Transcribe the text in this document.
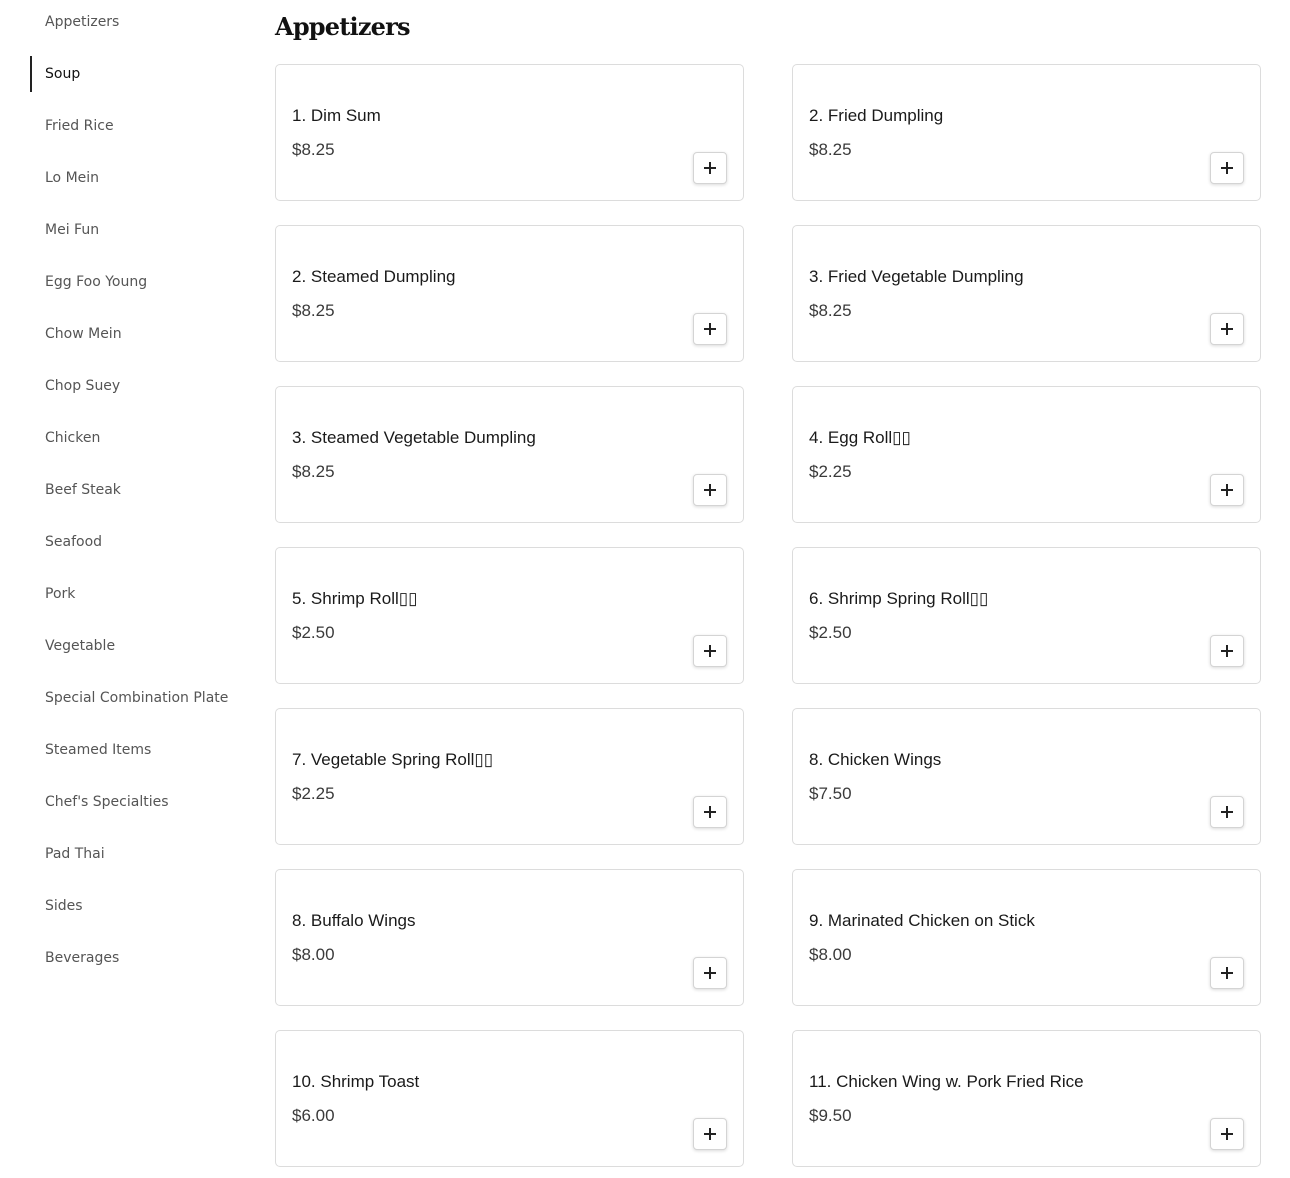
Appetizers
Soup
Fried Rice
Lo Mein
Mei Fun
Egg Foo Young
Chow Mein
Chop Suey
Chicken
Beef Steak
Seafood
Pork
Vegetable
Special Combination Plate
Steamed Items
Chef's Specialties
Pad Thai
Sides
Beverages
Appetizers
1. Dim Sum
$8.25
2. Fried Dumpling
$8.25
2. Steamed Dumpling
$8.25
3. Fried Vegetable Dumpling
$8.25
3. Steamed Vegetable Dumpling
$8.25
4. Egg Roll▯▯
$2.25
5. Shrimp Roll▯▯
$2.50
6. Shrimp Spring Roll▯▯
$2.50
7. Vegetable Spring Roll▯▯
$2.25
8. Chicken Wings
$7.50
8. Buffalo Wings
$8.00
9. Marinated Chicken on Stick
$8.00
10. Shrimp Toast
$6.00
11. Chicken Wing w. Pork Fried Rice
$9.50
